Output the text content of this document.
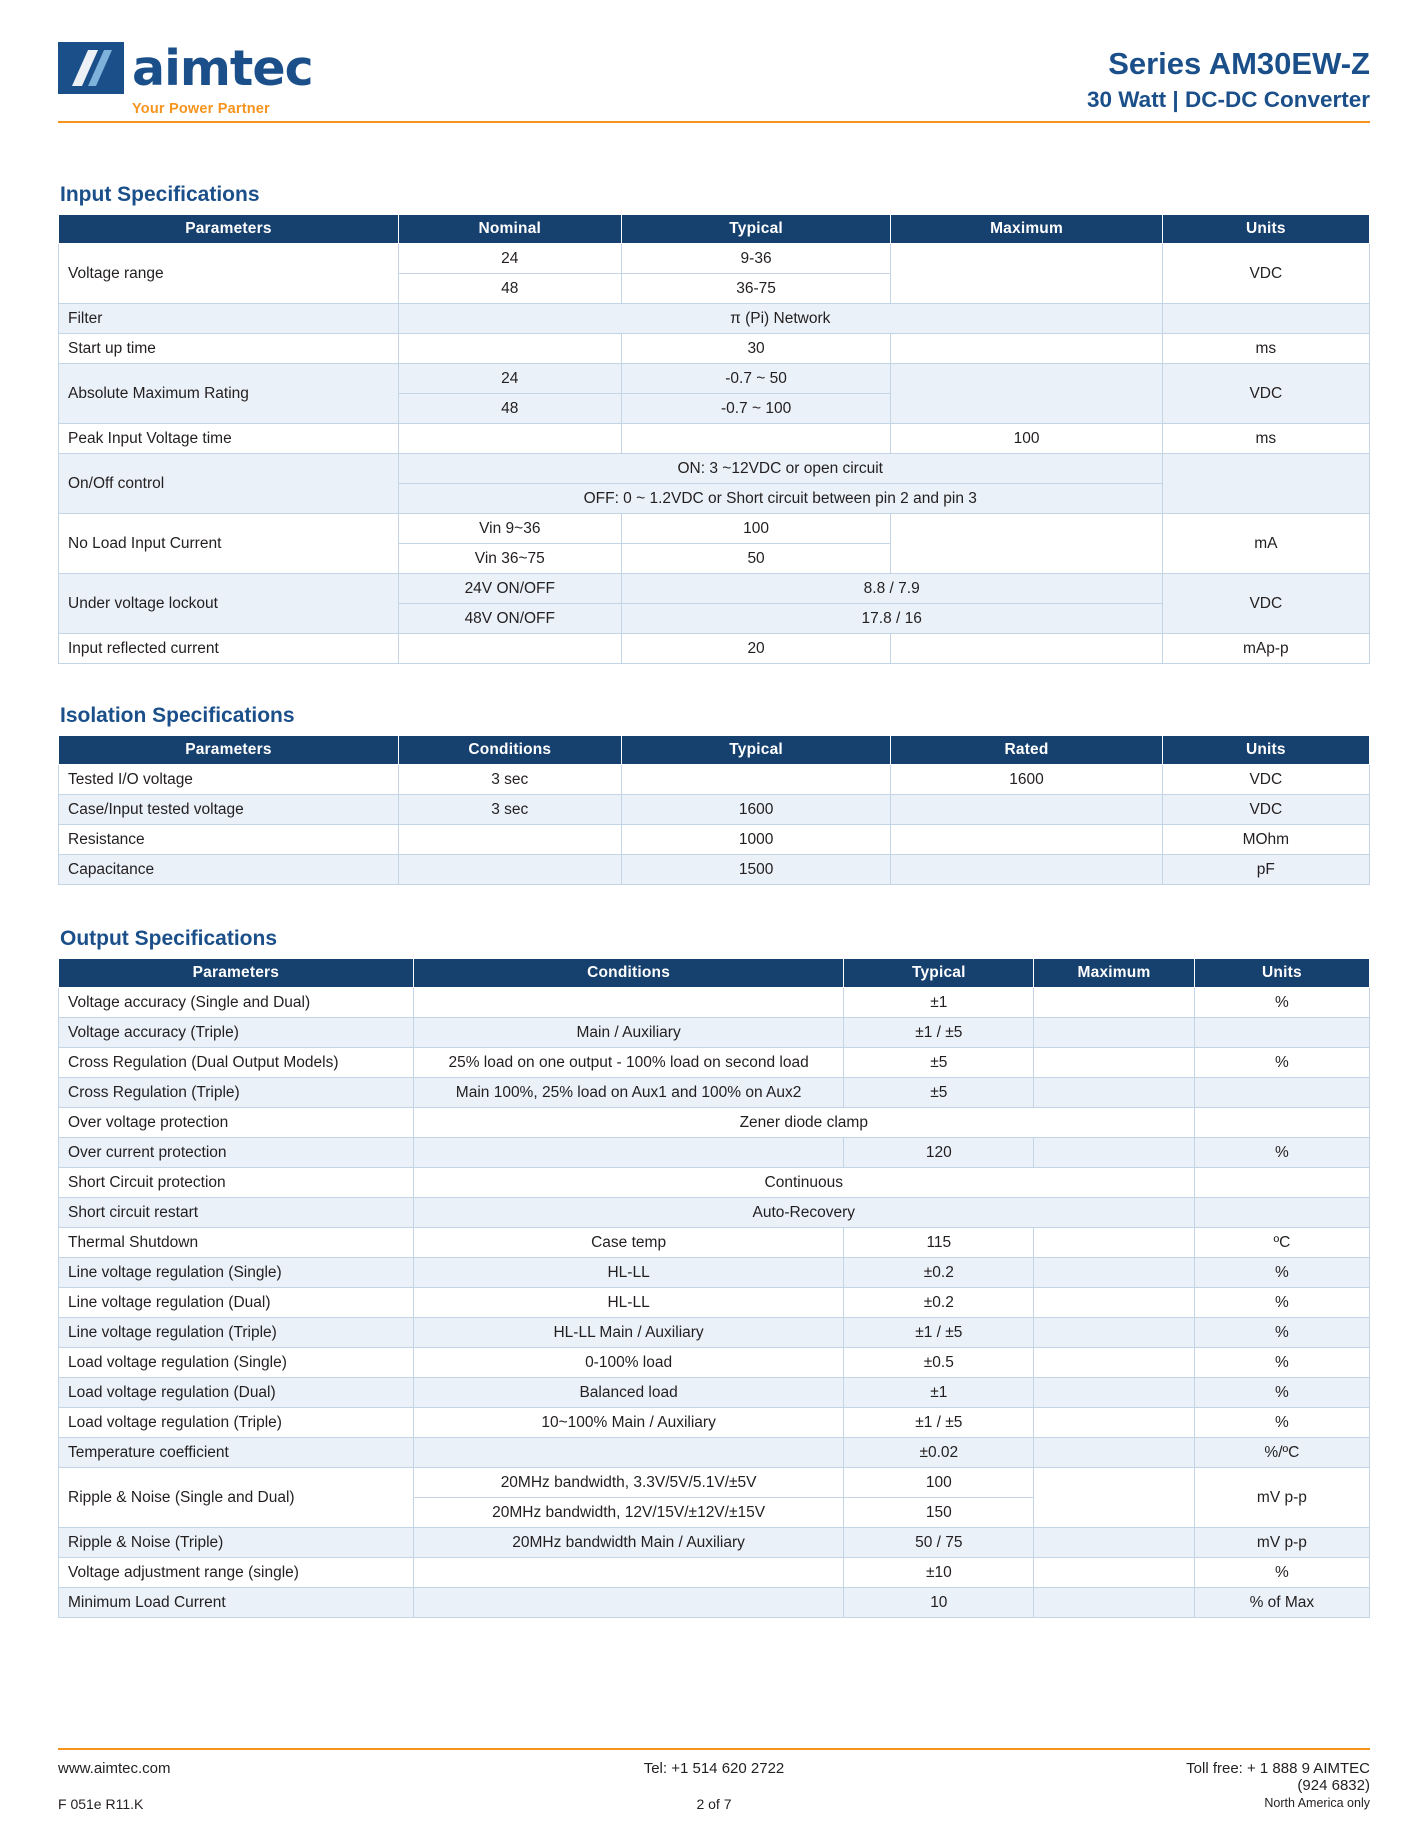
aimtec
Your Power Partner
Series AM30EW-Z
30 Watt | DC-DC Converter
Input Specifications
Parameters	Nominal	Typical	Maximum	Units
Voltage range	24	9-36		VDC
	48	36-75		
Filter	π (Pi) Network			
Start up time		30		ms
Absolute Maximum Rating	24	-0.7 ~ 50		VDC
	48	-0.7 ~ 100		
Peak Input Voltage time			100	ms
On/Off control	ON: 3 ~12VDC or open circuit			
	OFF: 0 ~ 1.2VDC or Short circuit between pin 2 and pin 3			
No Load Input Current	Vin 9~36	100		mA
	Vin 36~75	50		
Under voltage lockout	24V ON/OFF	8.8 / 7.9		VDC
	48V ON/OFF	17.8 / 16		
Input reflected current		20		mAp-p
Isolation Specifications
Parameters	Conditions	Typical	Rated	Units
Tested I/O voltage	3 sec		1600	VDC
Case/Input tested voltage	3 sec	1600		VDC
Resistance		1000		MOhm
Capacitance		1500		pF
Output Specifications
Parameters	Conditions	Typical	Maximum	Units
Voltage accuracy (Single and Dual)		±1		%
Voltage accuracy (Triple)	Main / Auxiliary	±1 / ±5		
Cross Regulation (Dual Output Models)	25% load on one output - 100% load on second load	±5		%
Cross Regulation (Triple)	Main 100%, 25% load on Aux1 and 100% on Aux2	±5		
Over voltage protection	Zener diode clamp			
Over current protection		120		%
Short Circuit protection	Continuous			
Short circuit restart	Auto-Recovery			
Thermal Shutdown	Case temp	115		ºC
Line voltage regulation (Single)	HL-LL	±0.2		%
Line voltage regulation (Dual)	HL-LL	±0.2		%
Line voltage regulation (Triple)	HL-LL Main / Auxiliary	±1 / ±5		%
Load voltage regulation (Single)	0-100% load	±0.5		%
Load voltage regulation (Dual)	Balanced load	±1		%
Load voltage regulation (Triple)	10~100% Main / Auxiliary	±1 / ±5		%
Temperature coefficient		±0.02		%/ºC
Ripple & Noise (Single and Dual)	20MHz bandwidth, 3.3V/5V/5.1V/±5V	100		mV p-p
	20MHz bandwidth, 12V/15V/±12V/±15V	150		
Ripple & Noise (Triple)	20MHz bandwidth Main / Auxiliary	50 / 75		mV p-p
Voltage adjustment range (single)		±10		%
Minimum Load Current		10		% of Max
www.aimtec.com	Tel: +1 514 620 2722	Toll free: + 1 888 9 AIMTEC

(924 6832)
F 051e R11.K	2 of 7	North America only
